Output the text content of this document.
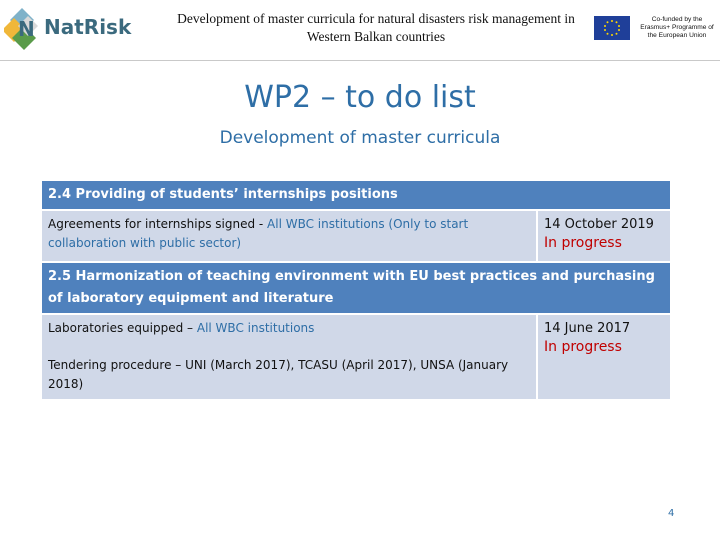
N NatRisk	Development of master curricula for natural disasters risk management in Western Balkan countries
Co-funded by the Erasmus+ Programme of the European Union
WP2 – to do list
Development of master curricula
2.4 Providing of students’ internships positions
Agreements for internships signed - All WBC institutions (Only to start collaboration with public sector)
14 October 2019
In progress
2.5 Harmonization of teaching environment with EU best practices and purchasing of laboratory equipment and literature
Laboratories equipped – All WBC institutions
Tendering procedure – UNI (March 2017), TCASU (April 2017), UNSA (January 2018)
14 June 2017
In progress
4
